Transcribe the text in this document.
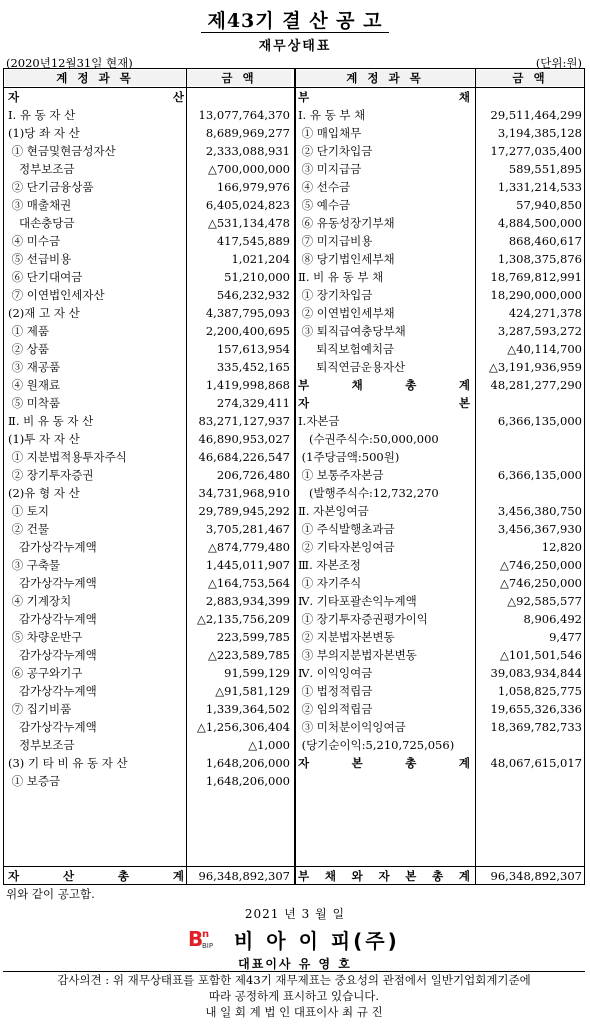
제43기 결 산 공 고
재무상태표
(2020년12월31일 현재)	(단위:원)
계 정 과 목	금 액	계 정 과 목	금 액
자 산
Ⅰ. 유 동 자 산	13,077,764,370
(1)당 좌 자 산	8,689,969,277
① 현금및현금성자산	2,333,088,931
정부보조금	△700,000,000
② 단기금융상품	166,979,976
③ 매출채권	6,405,024,823
대손충당금	△531,134,478
④ 미수금	417,545,889
⑤ 선급비용	1,021,204
⑥ 단기대여금	51,210,000
⑦ 이연법인세자산	546,232,932
(2)재 고 자 산	4,387,795,093
① 제품	2,200,400,695
② 상품	157,613,954
③ 재공품	335,452,165
④ 원재료	1,419,998,868
⑤ 미착품	274,329,411
Ⅱ. 비 유 동 자 산	83,271,127,937
(1)투 자 자 산	46,890,953,027
① 지분법적용투자주식	46,684,226,547
② 장기투자증권	206,726,480
(2)유 형 자 산	34,731,968,910
① 토지	29,789,945,292
② 건물	3,705,281,467
감가상각누계액	△874,779,480
③ 구축물	1,445,011,907
감가상각누계액	△164,753,564
④ 기계장치	2,883,934,399
감가상각누계액	△2,135,756,209
⑤ 차량운반구	223,599,785
감가상각누계액	△223,589,785
⑥ 공구와기구	91,599,129
감가상각누계액	△91,581,129
⑦ 집기비품	1,339,364,502
감가상각누계액	△1,256,306,404
정부보조금	△1,000
(3) 기 타 비 유 동 자 산	1,648,206,000
① 보증금	1,648,206,000
부 채
Ⅰ. 유 동 부 채	29,511,464,299
① 매입채무	3,194,385,128
② 단기차입금	17,277,035,400
③ 미지급금	589,551,895
④ 선수금	1,331,214,533
⑤ 예수금	57,940,850
⑥ 유동성장기부채	4,884,500,000
⑦ 미지급비용	868,460,617
⑧ 당기법인세부채	1,308,375,876
Ⅱ. 비 유 동 부 채	18,769,812,991
① 장기차입금	18,290,000,000
② 이연법인세부채	424,271,378
③ 퇴직급여충당부채	3,287,593,272
퇴직보험예치금	△40,114,700
퇴직연금운용자산	△3,191,936,959
부 채 총 계 48,281,277,290
자 본
Ⅰ.자본금	6,366,135,000
(수권주식수:50,000,000
(1주당금액:500원)
① 보통주자본금	6,366,135,000
(발행주식수:12,732,270
Ⅱ. 자본잉여금	3,456,380,750
① 주식발행초과금	3,456,367,930
② 기타자본잉여금	12,820
Ⅲ. 자본조정	△746,250,000
① 자기주식	△746,250,000
Ⅳ. 기타포괄손익누계액	△92,585,577
① 장기투자증권평가이익	8,906,492
② 지분법자본변동	9,477
③ 부의지분법자본변동	△101,501,546
Ⅳ. 이익잉여금	39,083,934,844
① 법정적립금	1,058,825,775
② 임의적립금	19,655,326,336
③ 미처분이익잉여금	18,369,782,733
(당기순이익:5,210,725,056)
자 본 총 계 48,067,615,017
자 산 총 계 96,348,892,307 부 채 와 자 본 총 계 96,348,892,307
위와 같이 공고함.
2021 년 3 월 일
B
n
BIP 비 아 이 피(주)
대표이사 유 영 호
감사의견 : 위 재무상태표를 포함한 제43기 재무제표는 중요성의 관점에서 일반기업회계기준에
따라 공정하게 표시하고 있습니다.
내 일 회 계 법 인 대표이사 최 규 진
